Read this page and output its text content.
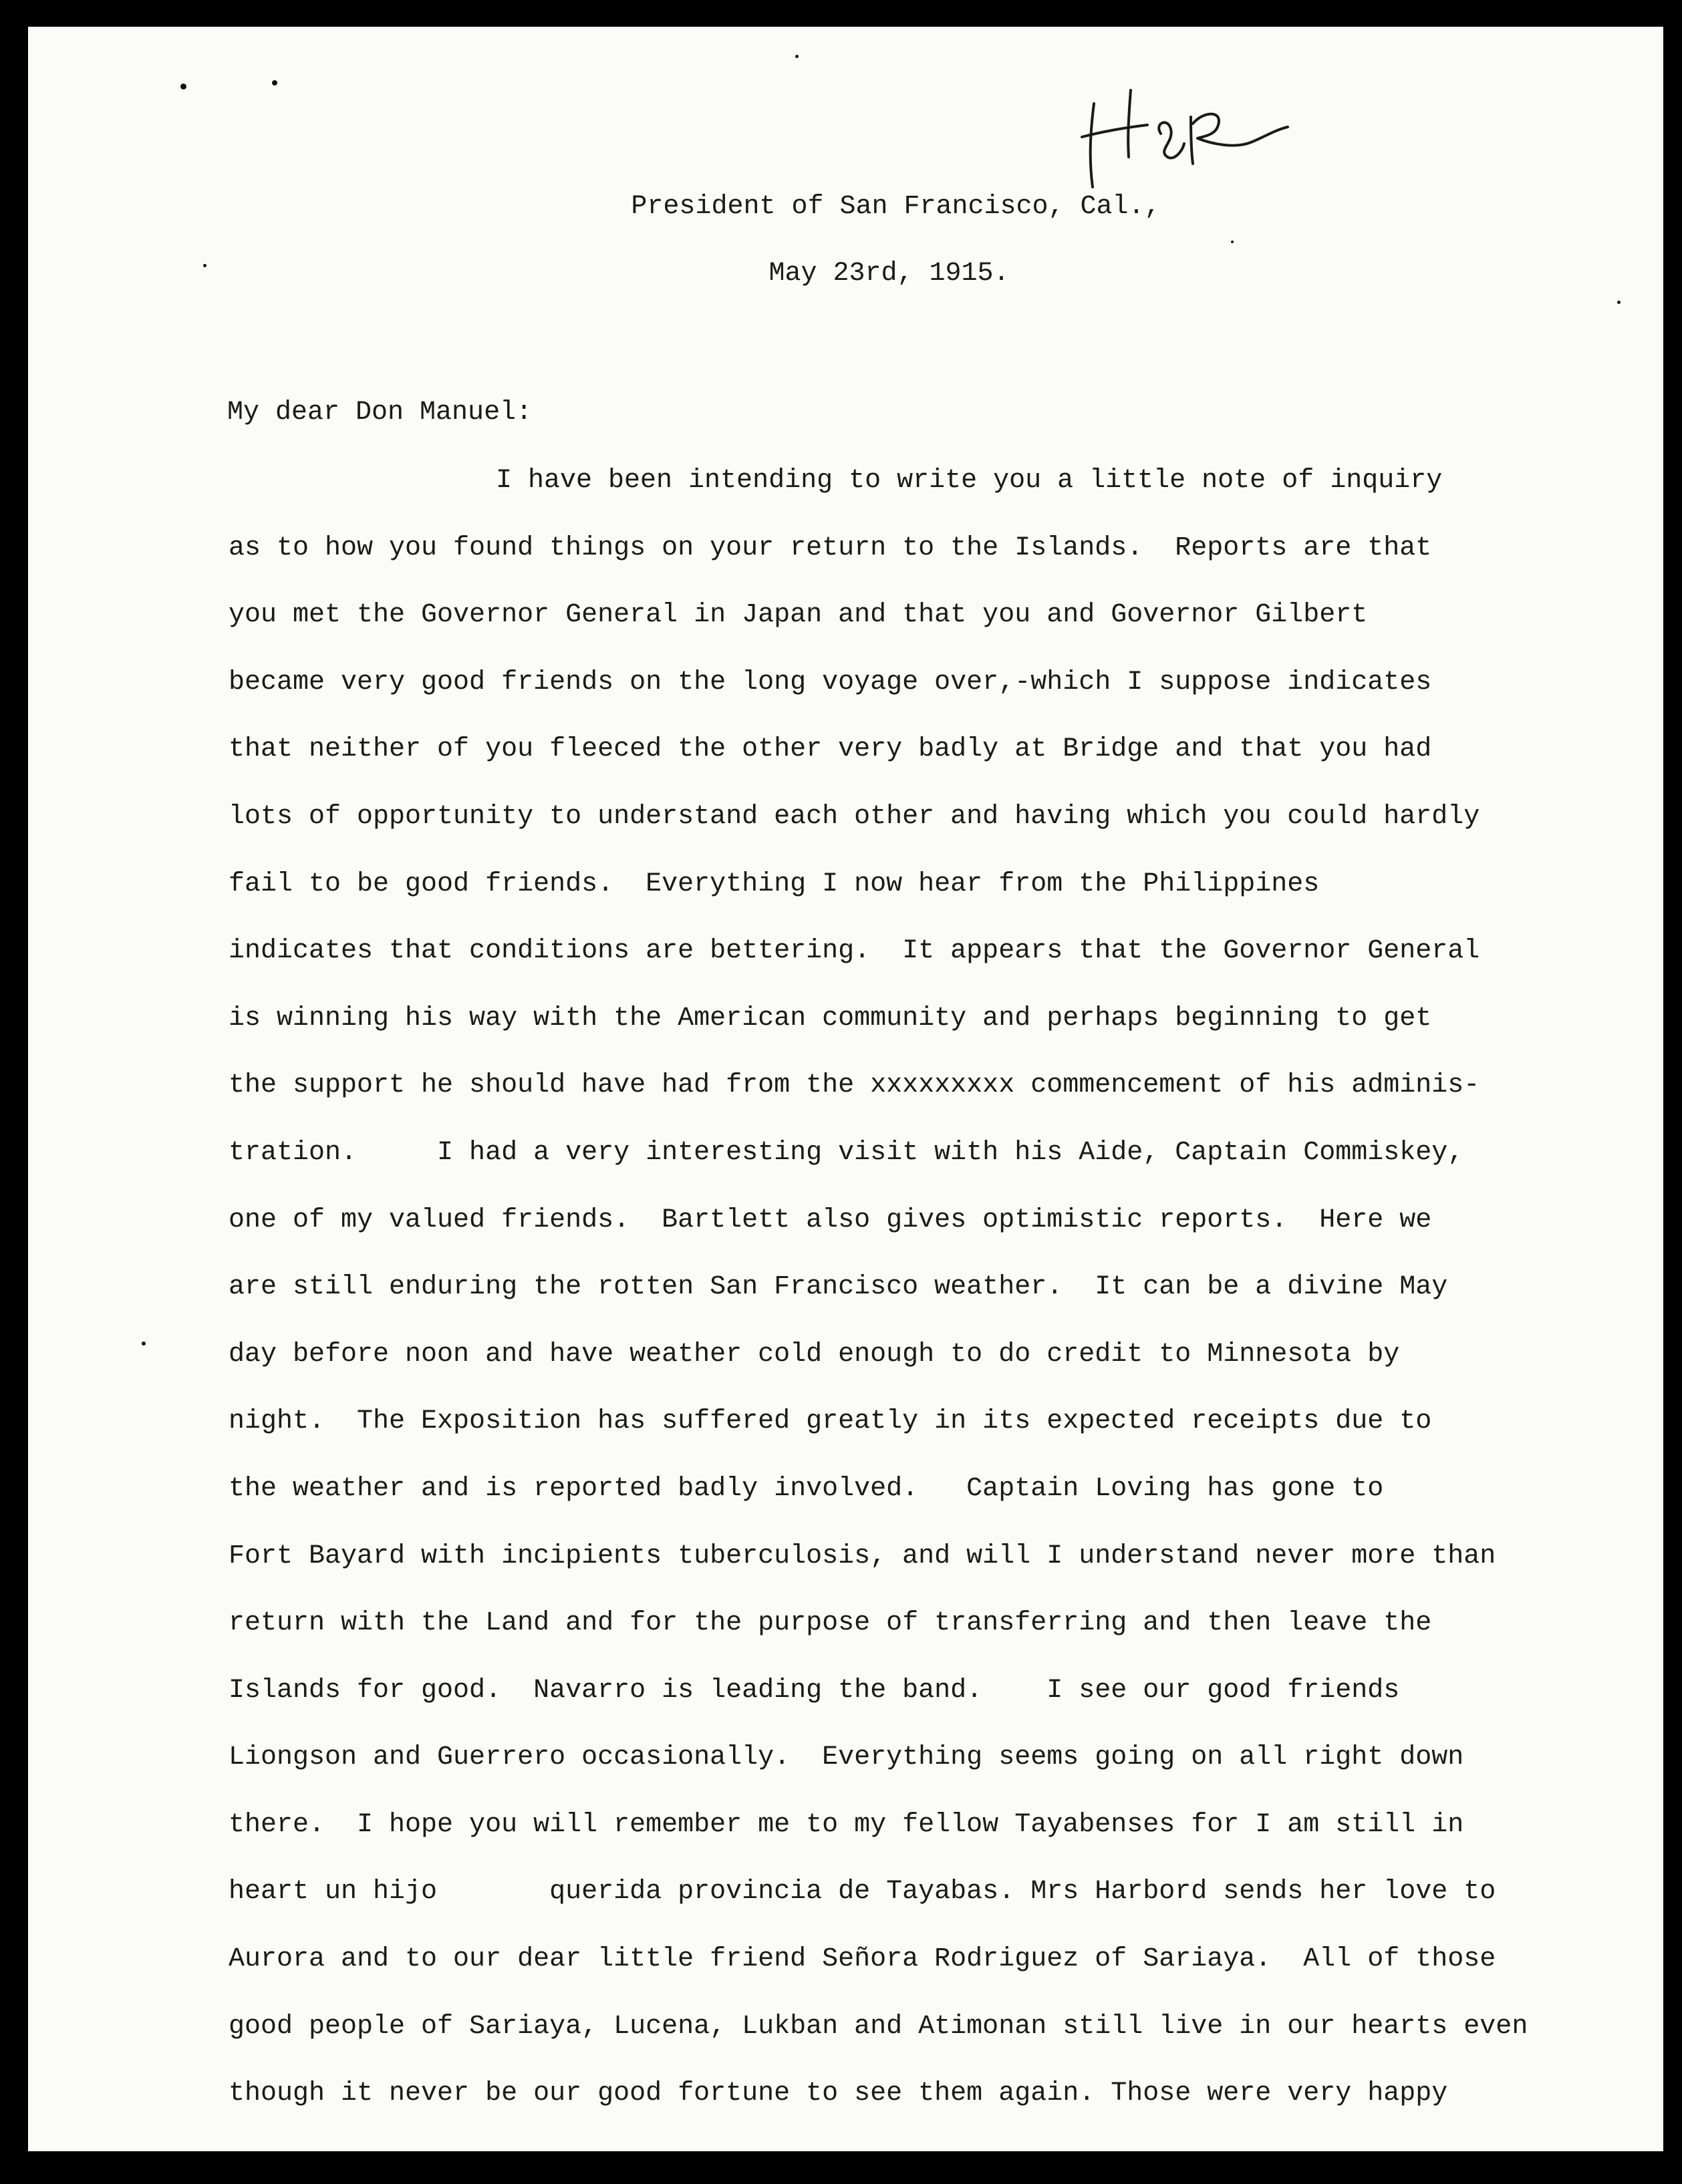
President of San Francisco, Cal.,
May 23rd, 1915.
My dear Don Manuel:
I have been intending to write you a little note of inquiry
as to how you found things on your return to the Islands.  Reports are that
you met the Governor General in Japan and that you and Governor Gilbert
became very good friends on the long voyage over,-which I suppose indicates
that neither of you fleeced the other very badly at Bridge and that you had
lots of opportunity to understand each other and having which you could hardly
fail to be good friends.  Everything I now hear from the Philippines
indicates that conditions are bettering.  It appears that the Governor General
is winning his way with the American community and perhaps beginning to get
the support he should have had from the xxxxxxxxx commencement of his adminis-
tration.     I had a very interesting visit with his Aide, Captain Commiskey,
one of my valued friends.  Bartlett also gives optimistic reports.  Here we
are still enduring the rotten San Francisco weather.  It can be a divine May
day before noon and have weather cold enough to do credit to Minnesota by
night.  The Exposition has suffered greatly in its expected receipts due to
the weather and is reported badly involved.   Captain Loving has gone to
Fort Bayard with incipients tuberculosis, and will I understand never more than
return with the Land and for the purpose of transferring and then leave the
Islands for good.  Navarro is leading the band.    I see our good friends
Liongson and Guerrero occasionally.  Everything seems going on all right down
there.  I hope you will remember me to my fellow Tayabenses for I am still in
heart un hijo       querida provincia de Tayabas. Mrs Harbord sends her love to
Aurora and to our dear little friend Señora Rodriguez of Sariaya.  All of those
good people of Sariaya, Lucena, Lukban and Atimonan still live in our hearts even
though it never be our good fortune to see them again. Those were very happy
